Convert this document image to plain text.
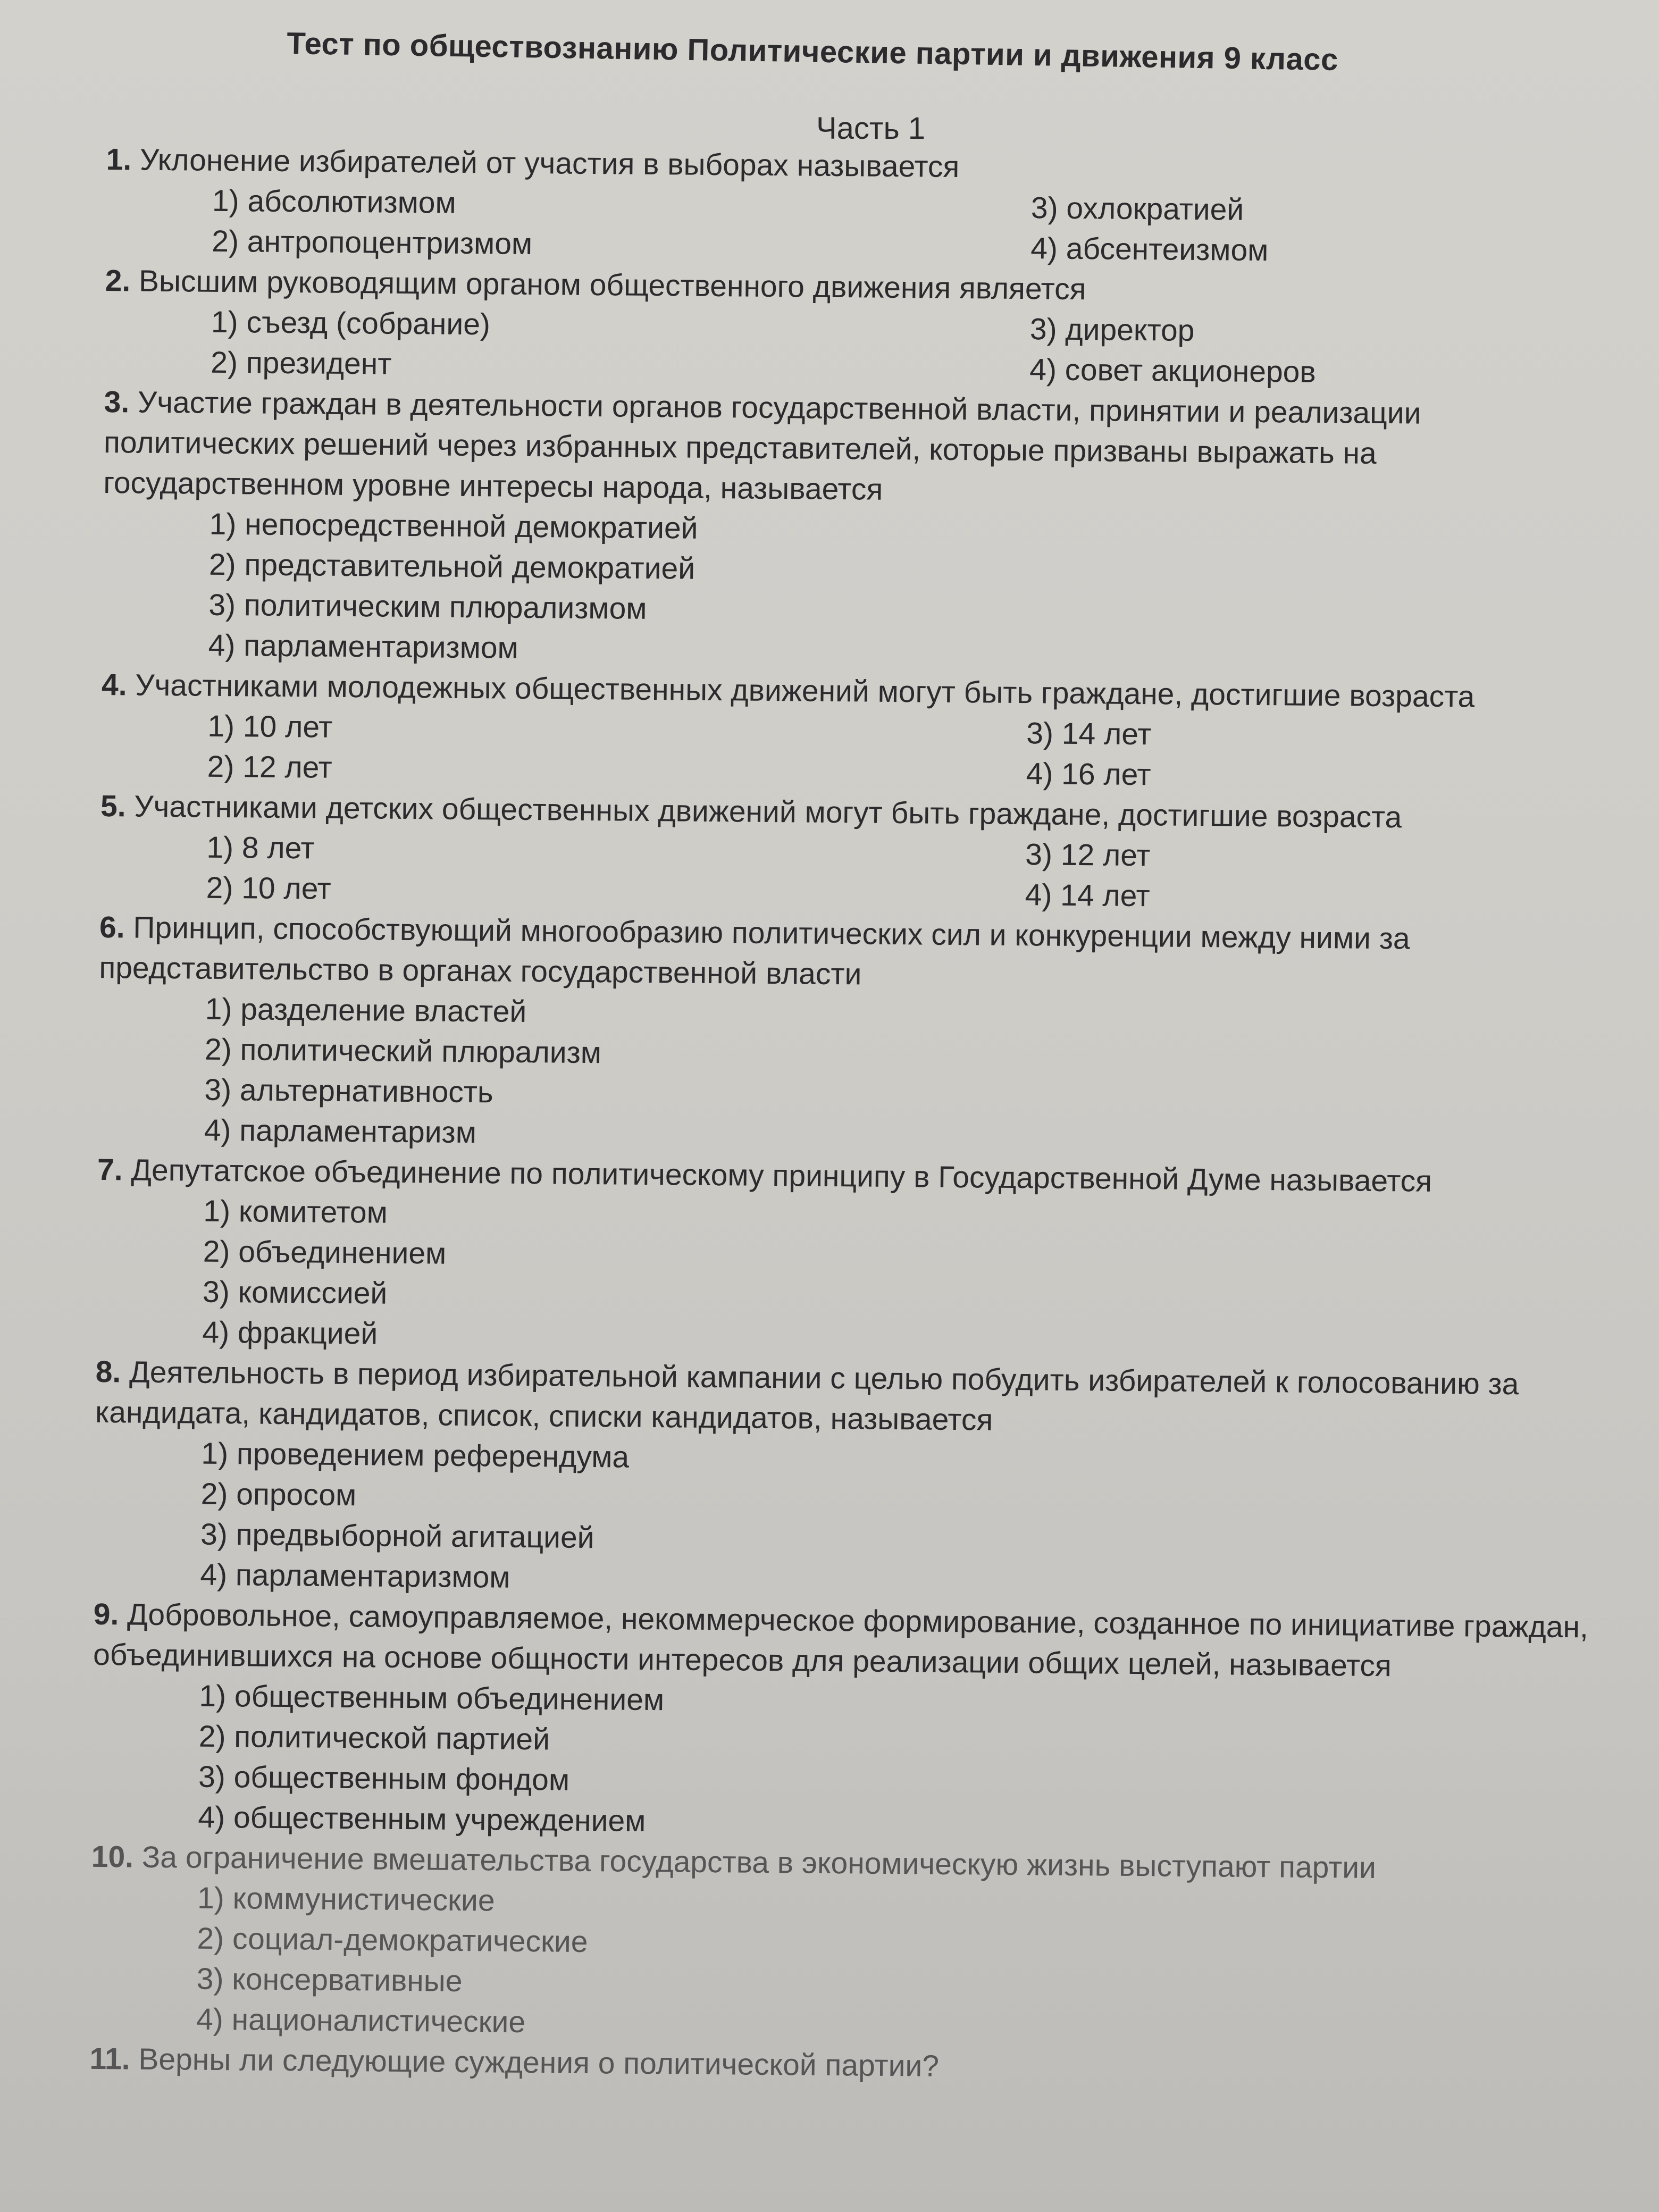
Тест по обществознанию Политические партии и движения 9 класс
Часть 1
1. Уклонение избирателей от участия в выборах называется
1) абсолютизмом	3) охлократией
2) антропоцентризмом	4) абсентеизмом
2. Высшим руководящим органом общественного движения является
1) съезд (собрание)	3) директор
2) президент	4) совет акционеров
3. Участие граждан в деятельности органов государственной власти, принятии и реализации политических решений через избранных представителей, которые призваны выражать на государственном уровне интересы народа, называется
1) непосредственной демократией
2) представительной демократией
3) политическим плюрализмом
4) парламентаризмом
4. Участниками молодежных общественных движений могут быть граждане, достигшие возраста
1) 10 лет	3) 14 лет
2) 12 лет	4) 16 лет
5. Участниками детских общественных движений могут быть граждане, достигшие возраста
1) 8 лет	3) 12 лет
2) 10 лет	4) 14 лет
6. Принцип, способствующий многообразию политических сил и конкуренции между ними за представительство в органах государственной власти
1) разделение властей
2) политический плюрализм
3) альтернативность
4) парламентаризм
7. Депутатское объединение по политическому принципу в Государственной Думе называется
1) комитетом
2) объединением
3) комиссией
4) фракцией
8. Деятельность в период избирательной кампании с целью побудить избирателей к голосованию за кандидата, кандидатов, список, списки кандидатов, называется
1) проведением референдума
2) опросом
3) предвыборной агитацией
4) парламентаризмом
9. Добровольное, самоуправляемое, некоммерческое формирование, созданное по инициативе граждан, объединившихся на основе общности интересов для реализации общих целей, называется
1) общественным объединением
2) политической партией
3) общественным фондом
4) общественным учреждением
10. За ограничение вмешательства государства в экономическую жизнь выступают партии
1) коммунистические
2) социал-демократические
3) консервативные
4) националистические
11. Верны ли следующие суждения о политической партии?
